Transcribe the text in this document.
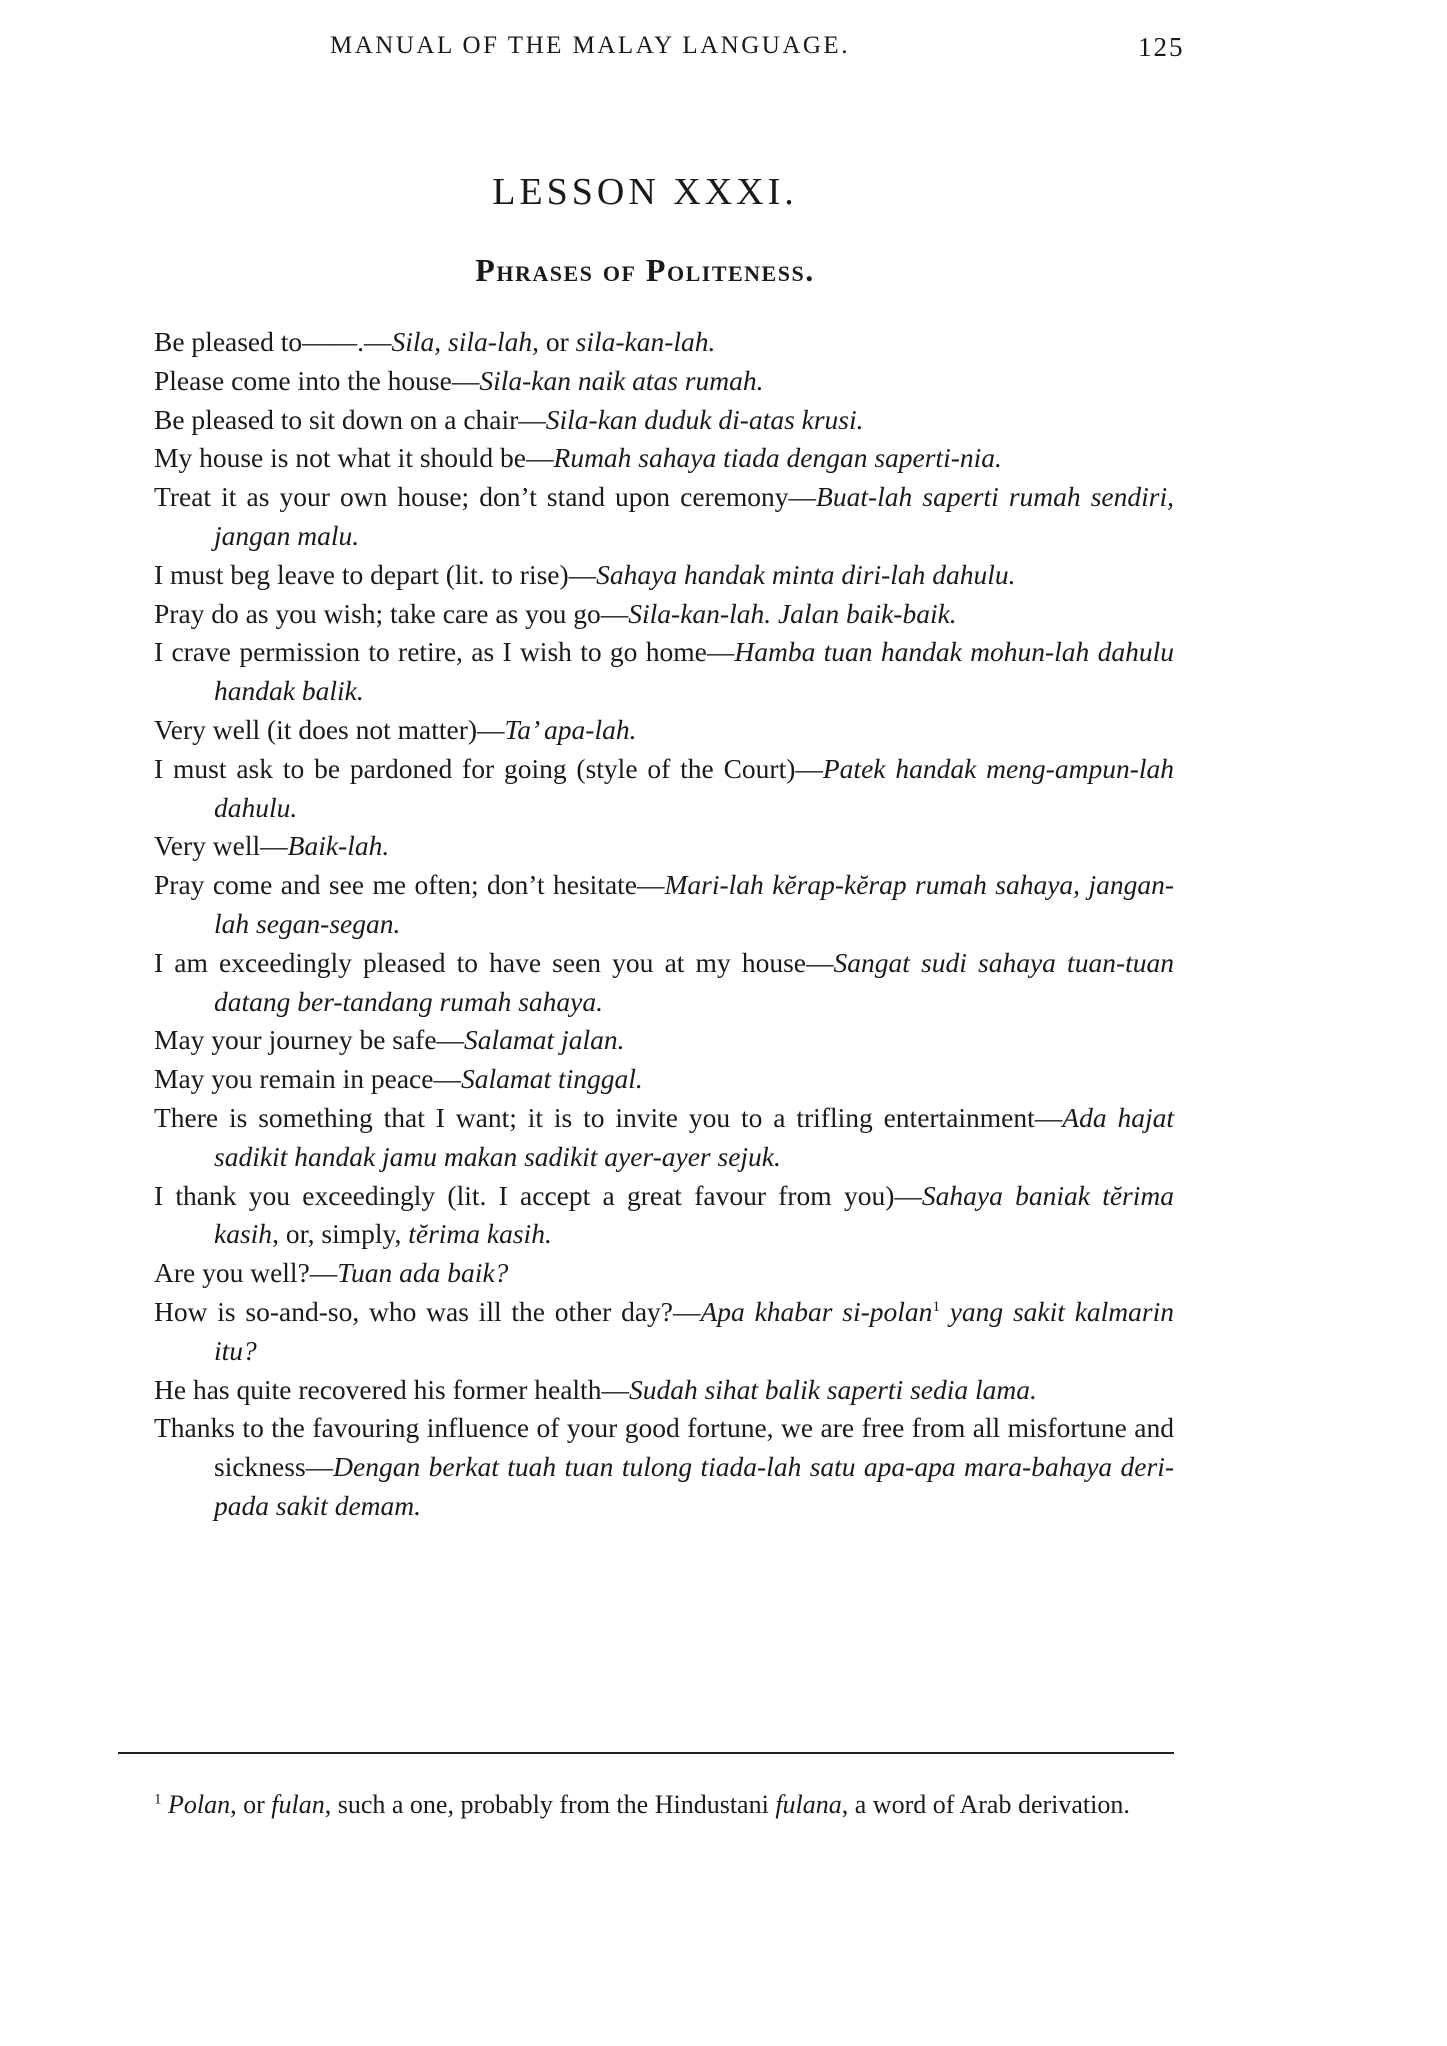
MANUAL OF THE MALAY LANGUAGE.	125
LESSON XXXI.
Phrases of Politeness.
Be pleased to——.—Sila, sila-lah, or sila-kan-lah.
Please come into the house—Sila-kan naik atas rumah.
Be pleased to sit down on a chair—Sila-kan duduk di-atas krusi.
My house is not what it should be—Rumah sahaya tiada dengan saperti-nia.
Treat it as your own house; don’t stand upon ceremony—Buat-lah saperti rumah sendiri, jangan malu.
I must beg leave to depart (lit. to rise)—Sahaya handak minta diri-lah dahulu.
Pray do as you wish; take care as you go—Sila-kan-lah. Jalan baik-baik.
I crave permission to retire, as I wish to go home—Hamba tuan handak mohun-lah dahulu handak balik.
Very well (it does not matter)—Ta’ apa-lah.
I must ask to be pardoned for going (style of the Court)—Patek handak meng-ampun-lah dahulu.
Very well—Baik-lah.
Pray come and see me often; don’t hesitate—Mari-lah kĕrap-kĕrap rumah sahaya, jangan-lah segan-segan.
I am exceedingly pleased to have seen you at my house—Sangat sudi sahaya tuan-tuan datang ber-tandang rumah sahaya.
May your journey be safe—Salamat jalan.
May you remain in peace—Salamat tinggal.
There is something that I want; it is to invite you to a trifling entertainment—Ada hajat sadikit handak jamu makan sadikit ayer-ayer sejuk.
I thank you exceedingly (lit. I accept a great favour from you)—Sahaya baniak tĕrima kasih, or, simply, tĕrima kasih.
Are you well?—Tuan ada baik?
How is so-and-so, who was ill the other day?—Apa khabar si-polan$^1$ yang sakit kalmarin itu?
He has quite recovered his former health—Sudah sihat balik saperti sedia lama.
Thanks to the favouring influence of your good fortune, we are free from all misfortune and sickness—Dengan berkat tuah tuan tulong tiada-lah satu apa-apa mara-bahaya deri-pada sakit demam.
$^1$ Polan, or fulan, such a one, probably from the Hindustani fulana, a word of Arab derivation.
